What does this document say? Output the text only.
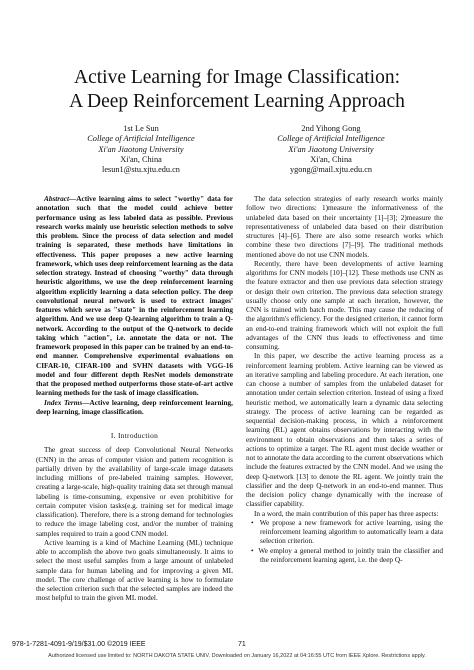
Active Learning for Image Classification:
A Deep Reinforcement Learning Approach
1st Le Sun
College of Artificial Intelligence
Xi'an Jiaotong University
Xi'an, China
lesun1@stu.xjtu.edu.cn
2nd Yihong Gong
College of Artificial Intelligence
Xi'an Jiaotong University
Xi'an, China
ygong@mail.xjtu.edu.cn

Abstract—Active learning aims to select "worthy" data for annotation such that the model could achieve better performance using as less labeled data as possible. Previous research works mainly use heuristic selection methods to solve this problem. Since the process of data selection and model training is separated, these methods have limitations in effectiveness. This paper proposes a new active learning framework, which uses deep reinforcement learning as the data selection strategy. Instead of choosing "worthy" data through heuristic algorithms, we use the deep reinforcement learning algorithm explicitly learning a data selection policy. The deep convolutional neural network is used to extract images' features which serve as "state" in the reinforcement learning algorithm. And we use deep Q-learning algorithm to train a Q-network. According to the output of the Q-network to decide taking which "action", i.e. annotate the data or not. The framework proposed in this paper can be trained by an end-to-end manner. Comprehensive experimental evaluations on CIFAR-10, CIFAR-100 and SVHN datasets with VGG-16 model and four different depth ResNet models demonstrate that the proposed method outperforms those state-of-art active learning methods for the task of image classification.

Index Terms—Active learning, deep reinforcement learning, deep learning, image classification.

I. Introduction

The great success of deep Convolutional Neural Networks (CNN) in the areas of computer vision and pattern recognition is partially driven by the availability of large-scale image datasets including millions of pre-labeled training samples. However, creating a large-scale, high-quality training data set through manual labeling is time-consuming, expensive or even prohibitive for certain computer vision tasks(e.g. training set for medical image classification). Therefore, there is a strong demand for technologies to reduce the image labeling cost, and/or the number of training samples required to train a good CNN model.

Active learning is a kind of Machine Learning (ML) technique able to accomplish the above two goals simultaneously. It aims to select the most useful samples from a large amount of unlabeled sample data for human labeling and for improving a given ML model. The core challenge of active learning is how to formulate the selection criterion such that the selected samples are indeed the most helpful to train the given ML model.

The data selection strategies of early research works mainly follow two directions: 1)measure the informativeness of the unlabeled data based on their uncertainty [1]–[3]; 2)measure the representativeness of unlabeled data based on their distribution structures [4]–[6]. There are also some research works which combine these two directions [7]–[9]. The traditional methods mentioned above do not use CNN models.

Recently, there have been developments of active learning algorithms for CNN models [10]–[12]. These methods use CNN as the feature extractor and then use previous data selection strategy or design their own criterion. The previous data selection strategy usually choose only one sample at each iteration, however, the CNN is trained with batch mode. This may cause the reducing of the algorithm's efficiency. For the designed criterion, it cannot form an end-to-end training framework which will not exploit the full advantages of the CNN thus leads to effectiveness and time consuming.

In this paper, we describe the active learning process as a reinforcement learning problem. Active learning can be viewed as an iterative sampling and labeling procedure. At each iteration, one can choose a number of samples from the unlabeled dataset for annotation under certain selection criterion. Instead of using a fixed heuristic method, we automatically learn a dynamic data selecting strategy. The process of active learning can be regarded as sequential decision-making process, in which a reinforcement learning (RL) agent obtains observations by interacting with the environment to obtain observations and then takes a series of actions to optimize a target. The RL agent must decide weather or not to annotate the data according to the current observations which include the features extracted by the CNN model. And we using the deep Q-network [13] to denote the RL agent. We jointly train the classifier and the deep Q-network in an end-to-end manner. Thus the decision policy change dynamically with the increase of classifier capability.

In a word, the main contribution of this paper has three aspects:

•  We propose a new framework for active learning, using the reinforcement learning algorithm to automatically learn a data selection criterion.
•  We employ a general method to jointly train the classifier and the reinforcement learning agent, i.e. the deep Q-
978-1-7281-4091-9/19/$31.00 ©2019 IEEE	71
Authorized licensed use limited to: NORTH DAKOTA STATE UNIV. Downloaded on January 16,2022 at 04:16:55 UTC from IEEE Xplore. Restrictions apply.
